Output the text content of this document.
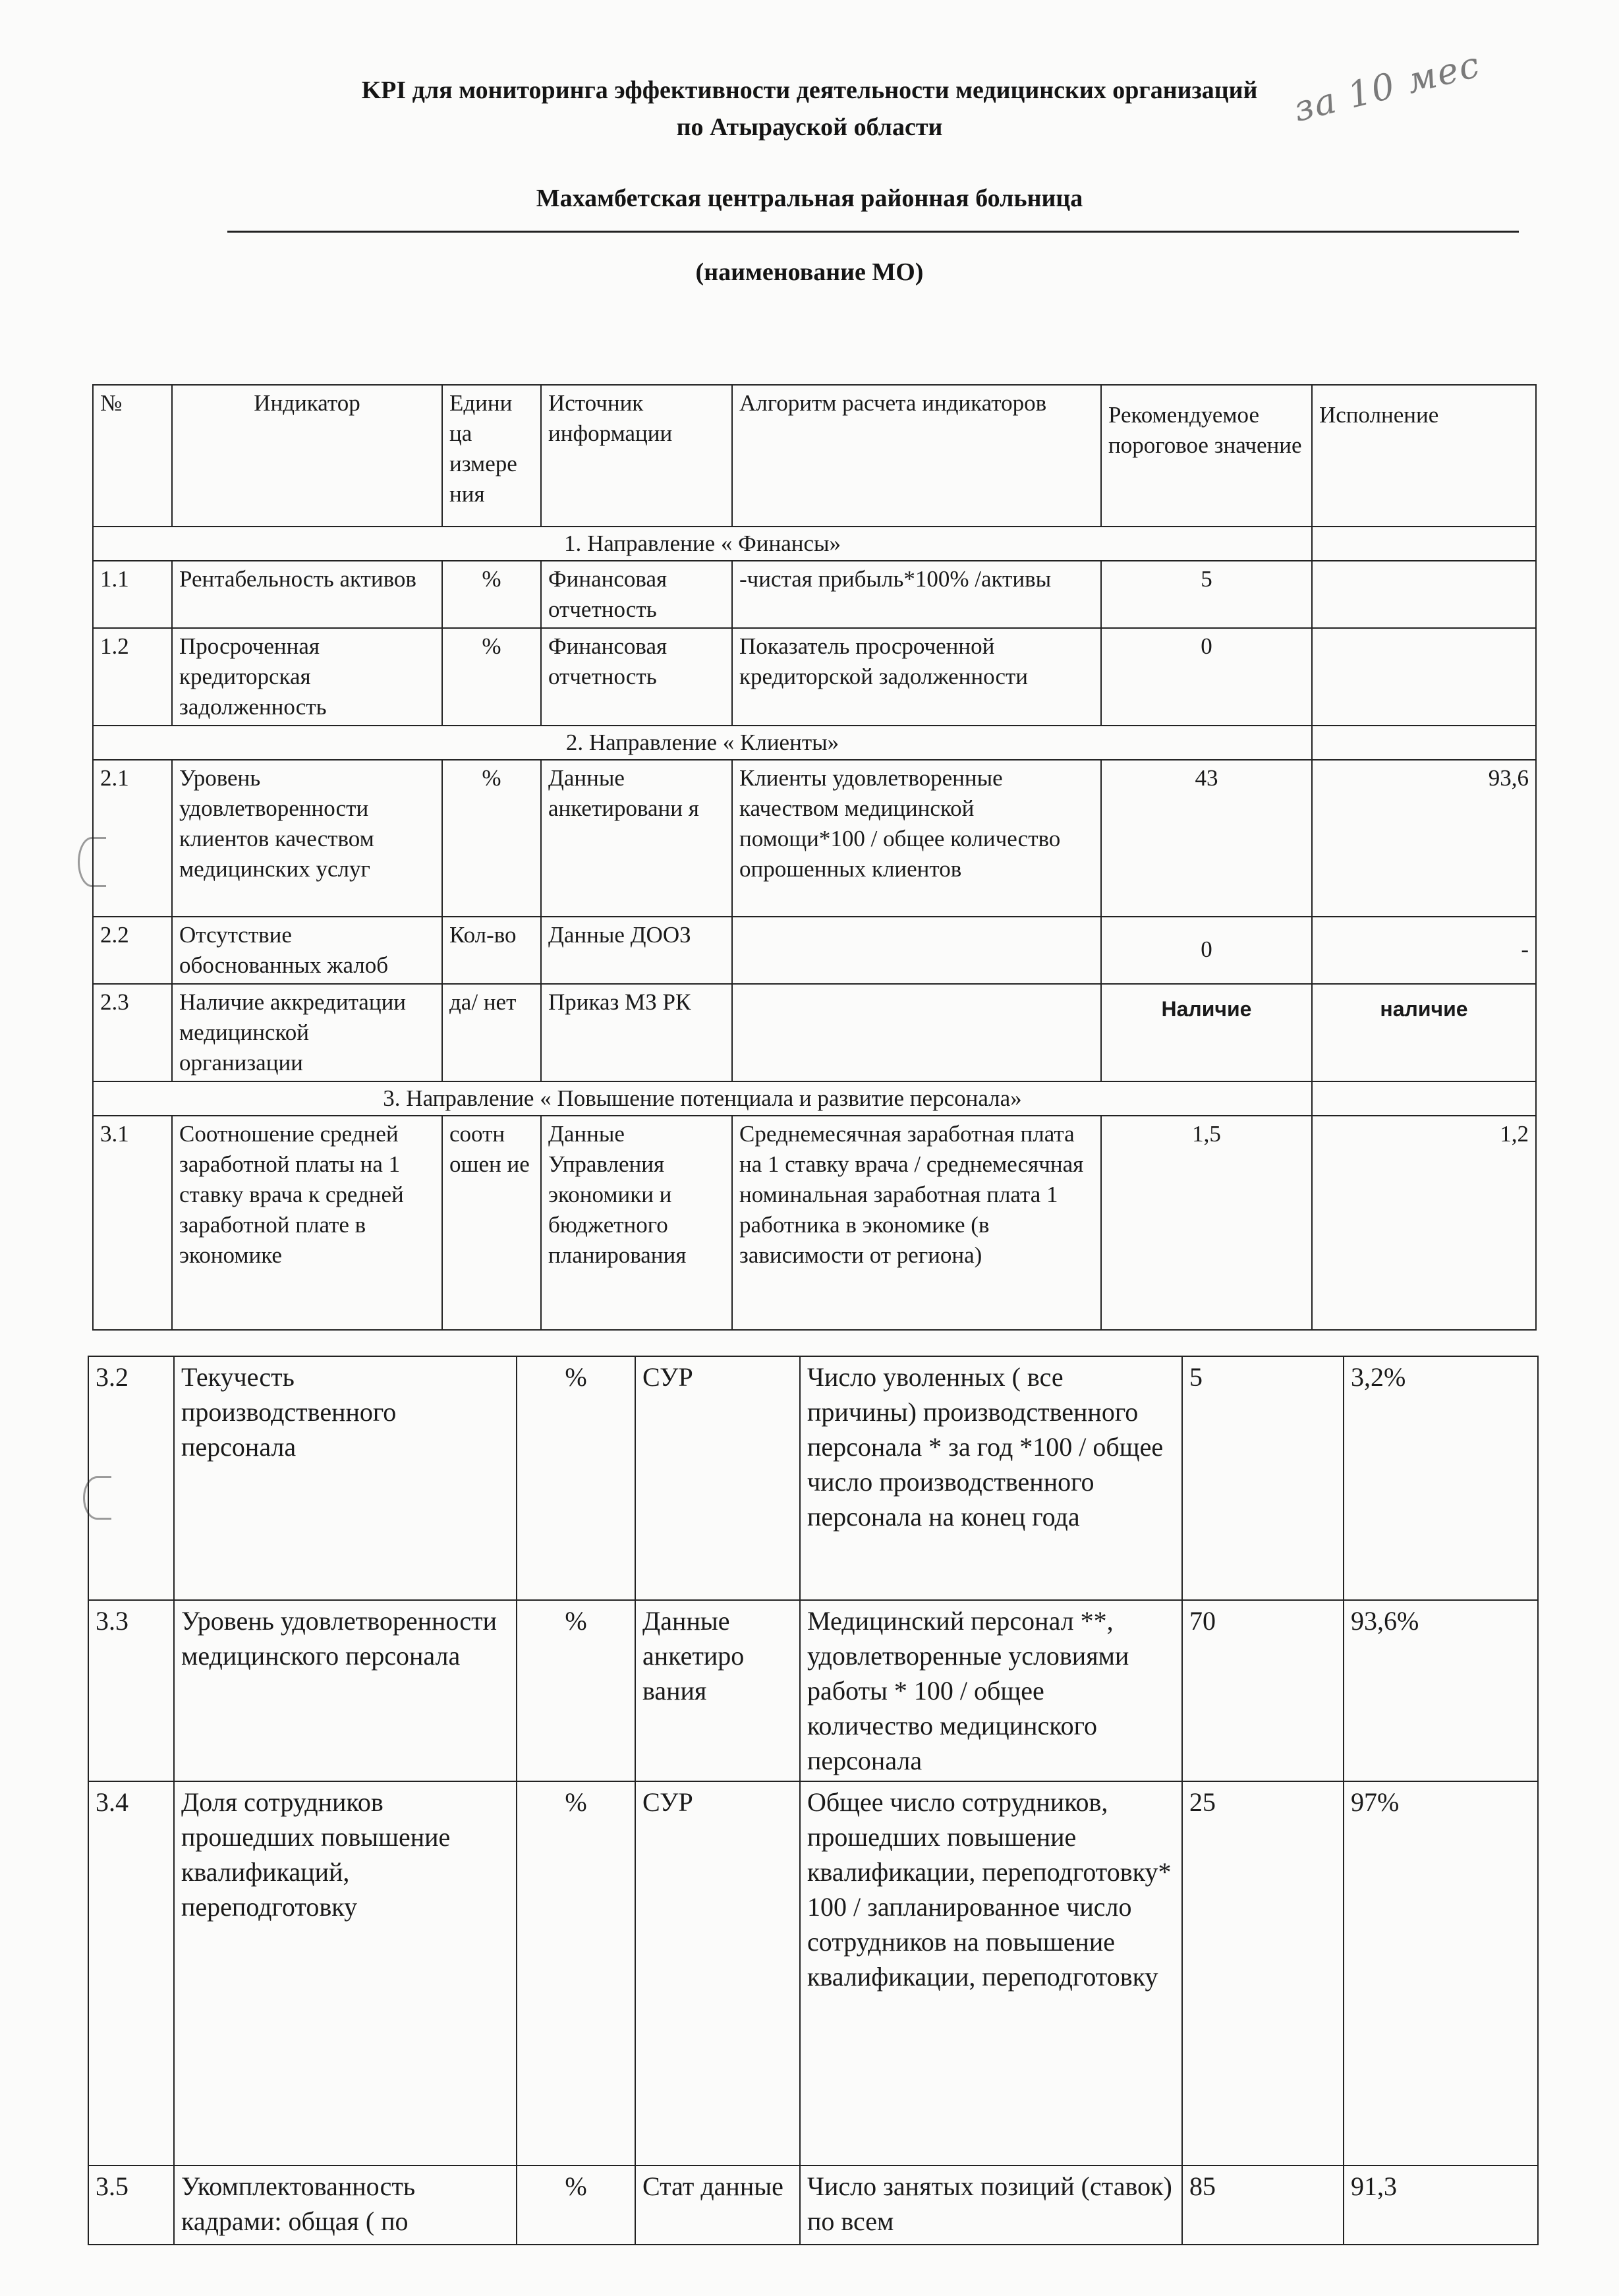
KPI для мониторинга эффективности деятельности медицинских организаций
по Атырауской области	за 10 мес
Махамбетская центральная районная больница
(наименование МО)
№	Индикатор	Едини ца измере ния	Источник информации	Алгоритм расчета индикаторов	Рекомендуемое пороговое значение	Исполнение
1. Направление « Финансы»						
1.1	Рентабельность активов	%	Финансовая отчетность	-чистая прибыль*100% /активы	5	
1.2	Просроченная кредиторская задолженность	%	Финансовая отчетность	Показатель просроченной кредиторской задолженности	0	
2. Направление « Клиенты»						
2.1	Уровень удовлетворенности клиентов качеством медицинских услуг	%	Данные анкетировани я	Клиенты удовлетворенные качеством медицинской помощи*100 / общее количество опрошенных клиентов	43	93,6
2.2	Отсутствие обоснованных жалоб	Кол-во	Данные ДООЗ		0	-
2.3	Наличие аккредитации медицинской организации	да/ нет	Приказ МЗ РК		Наличие	наличие
3. Направление « Повышение потенциала и развитие персонала»						
3.1	Соотношение средней заработной платы на 1 ставку врача к средней заработной плате в экономике	соотн ошен ие	Данные Управления экономики и бюджетного планирования	Среднемесячная заработная плата на 1 ставку врача / среднемесячная номинальная заработная плата 1 работника в экономике (в зависимости от региона)	1,5	1,2
3.2	Текучесть производственного персонала	%	СУР	Число уволенных ( все причины) производственного персонала * за год *100 / общее число производственного персонала на конец года	5	3,2%
3.3	Уровень удовлетворенности медицинского персонала	%	Данные анкетиро вания	Медицинский персонал **, удовлетворенные условиями работы * 100 / общее количество медицинского персонала	70	93,6%
3.4	Доля сотрудников прошедших повышение квалификаций, переподготовку	%	СУР	Общее число сотрудников, прошедших повышение квалификации, переподготовку* 100 / запланированное число сотрудников на повышение квалификации, переподготовку	25	97%
3.5	Укомплектованность кадрами: общая ( по	%	Стат данные	Число занятых позиций (ставок) по всем	85	91,3
